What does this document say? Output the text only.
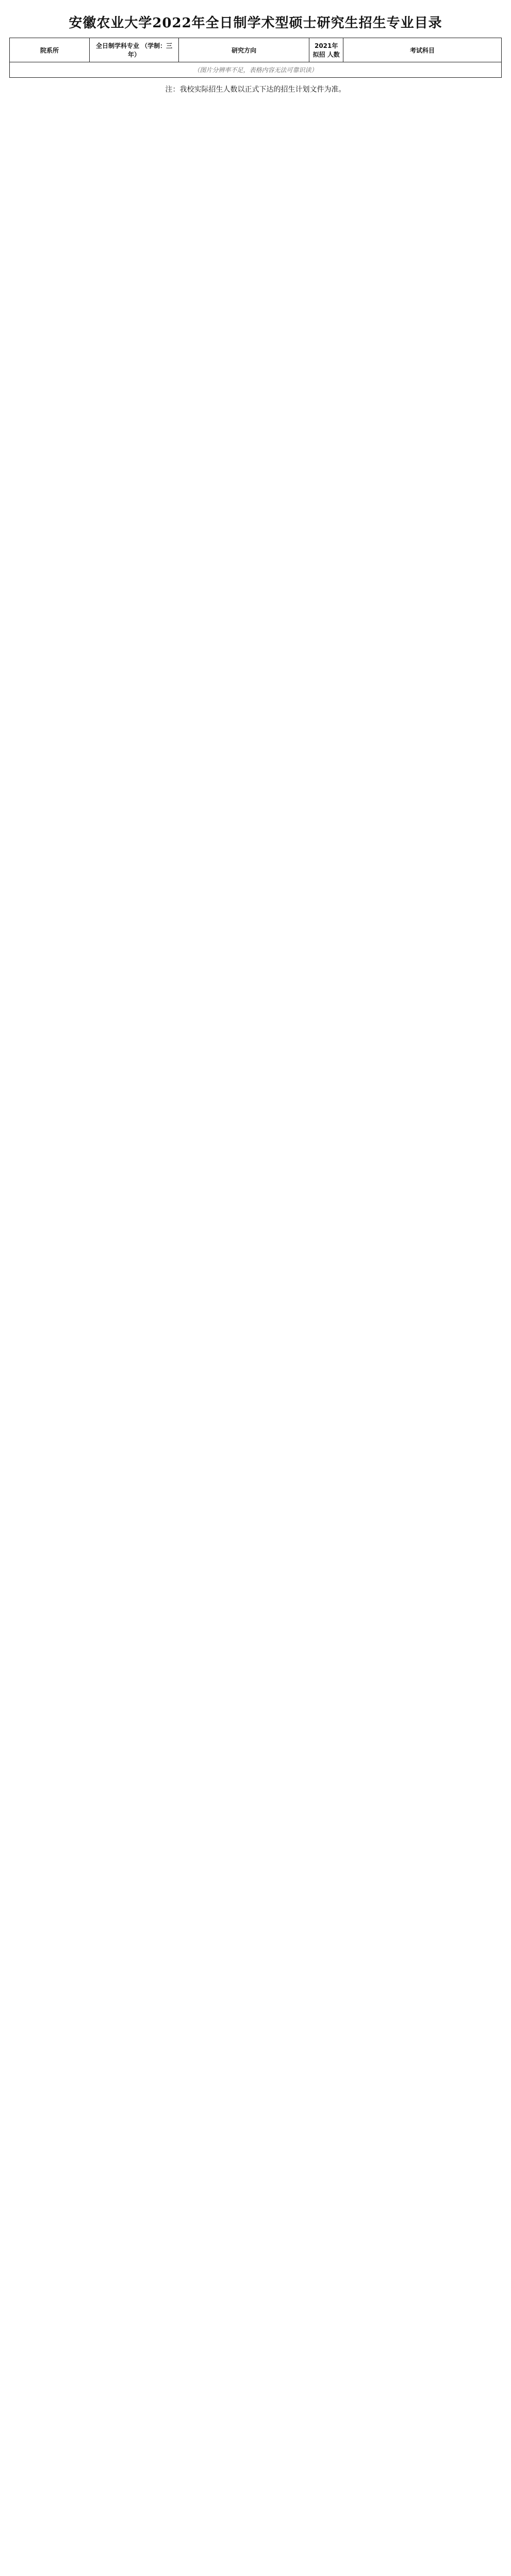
安徽农业大学2022年全日制学术型硕士研究生招生专业目录
院系所	全日制学科专业 （学制：三年）	研究方向	2021年 拟招 人数	考试科目
（图片分辨率不足，表格内容无法可靠识读）
注：我校实际招生人数以正式下达的招生计划文件为准。
